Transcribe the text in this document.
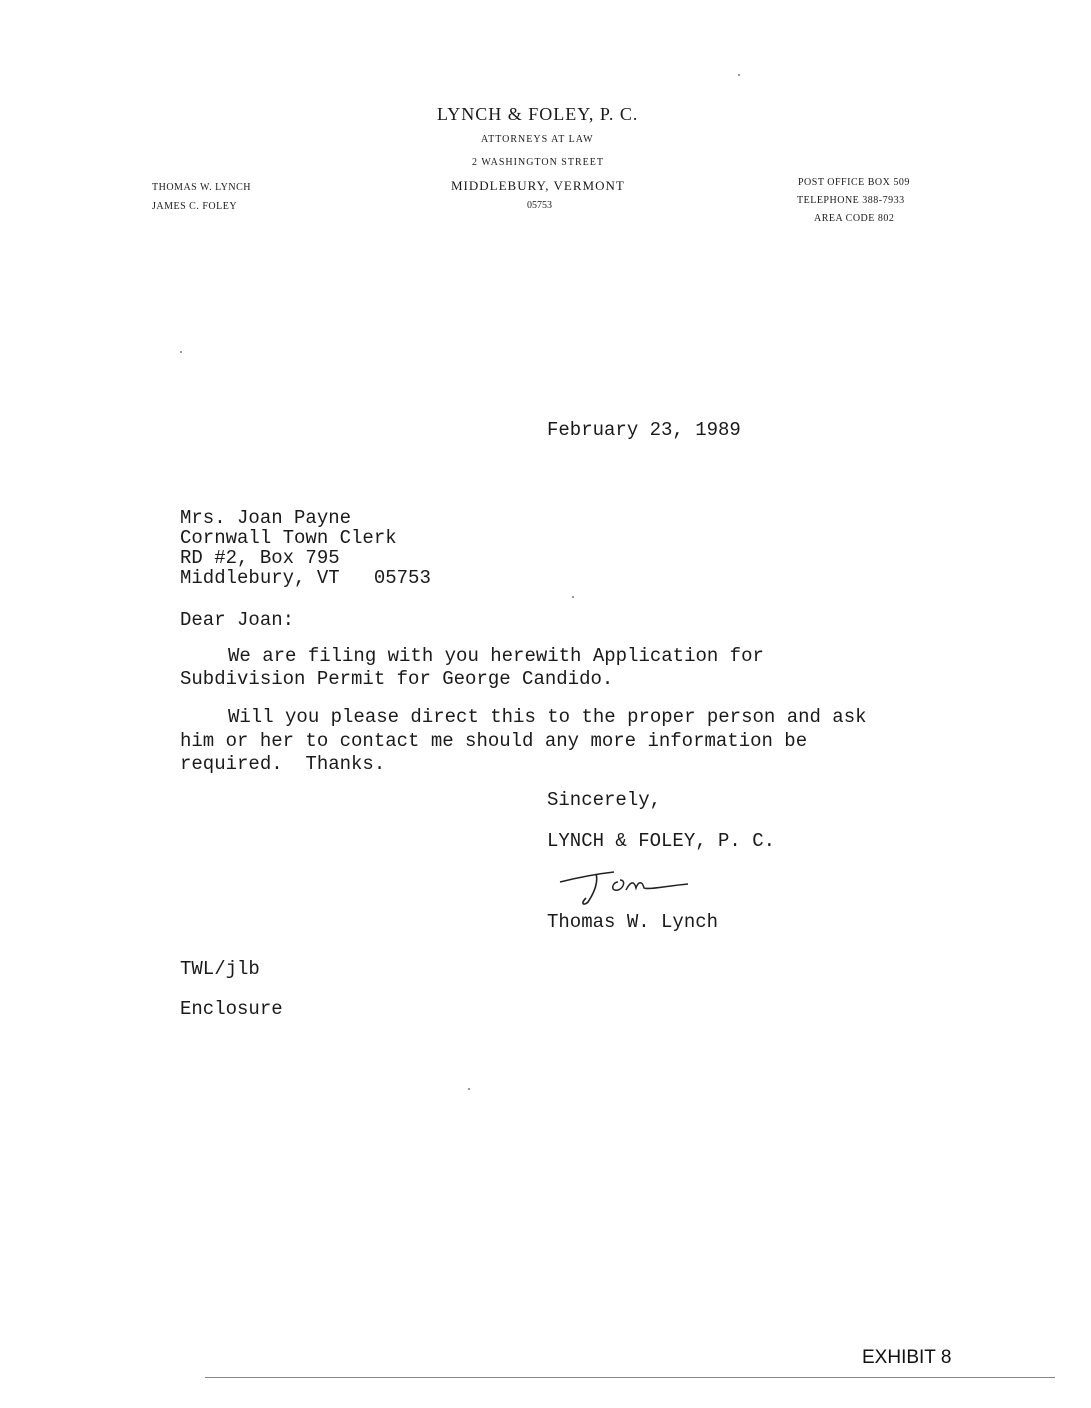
LYNCH & FOLEY, P. C.
ATTORNEYS AT LAW
2 WASHINGTON STREET
MIDDLEBURY, VERMONT
05753
THOMAS W. LYNCH
JAMES C. FOLEY
POST OFFICE BOX 509
TELEPHONE 388-7933
AREA CODE 802
February 23, 1989
Mrs. Joan Payne
Cornwall Town Clerk
RD #2, Box 795
Middlebury, VT   05753
Dear Joan:
We are filing with you herewith Application for
Subdivision Permit for George Candido.
Will you please direct this to the proper person and ask
him or her to contact me should any more information be
required.  Thanks.
Sincerely,
LYNCH & FOLEY, P. C.
Thomas W. Lynch
TWL/jlb
Enclosure
EXHIBIT 8
